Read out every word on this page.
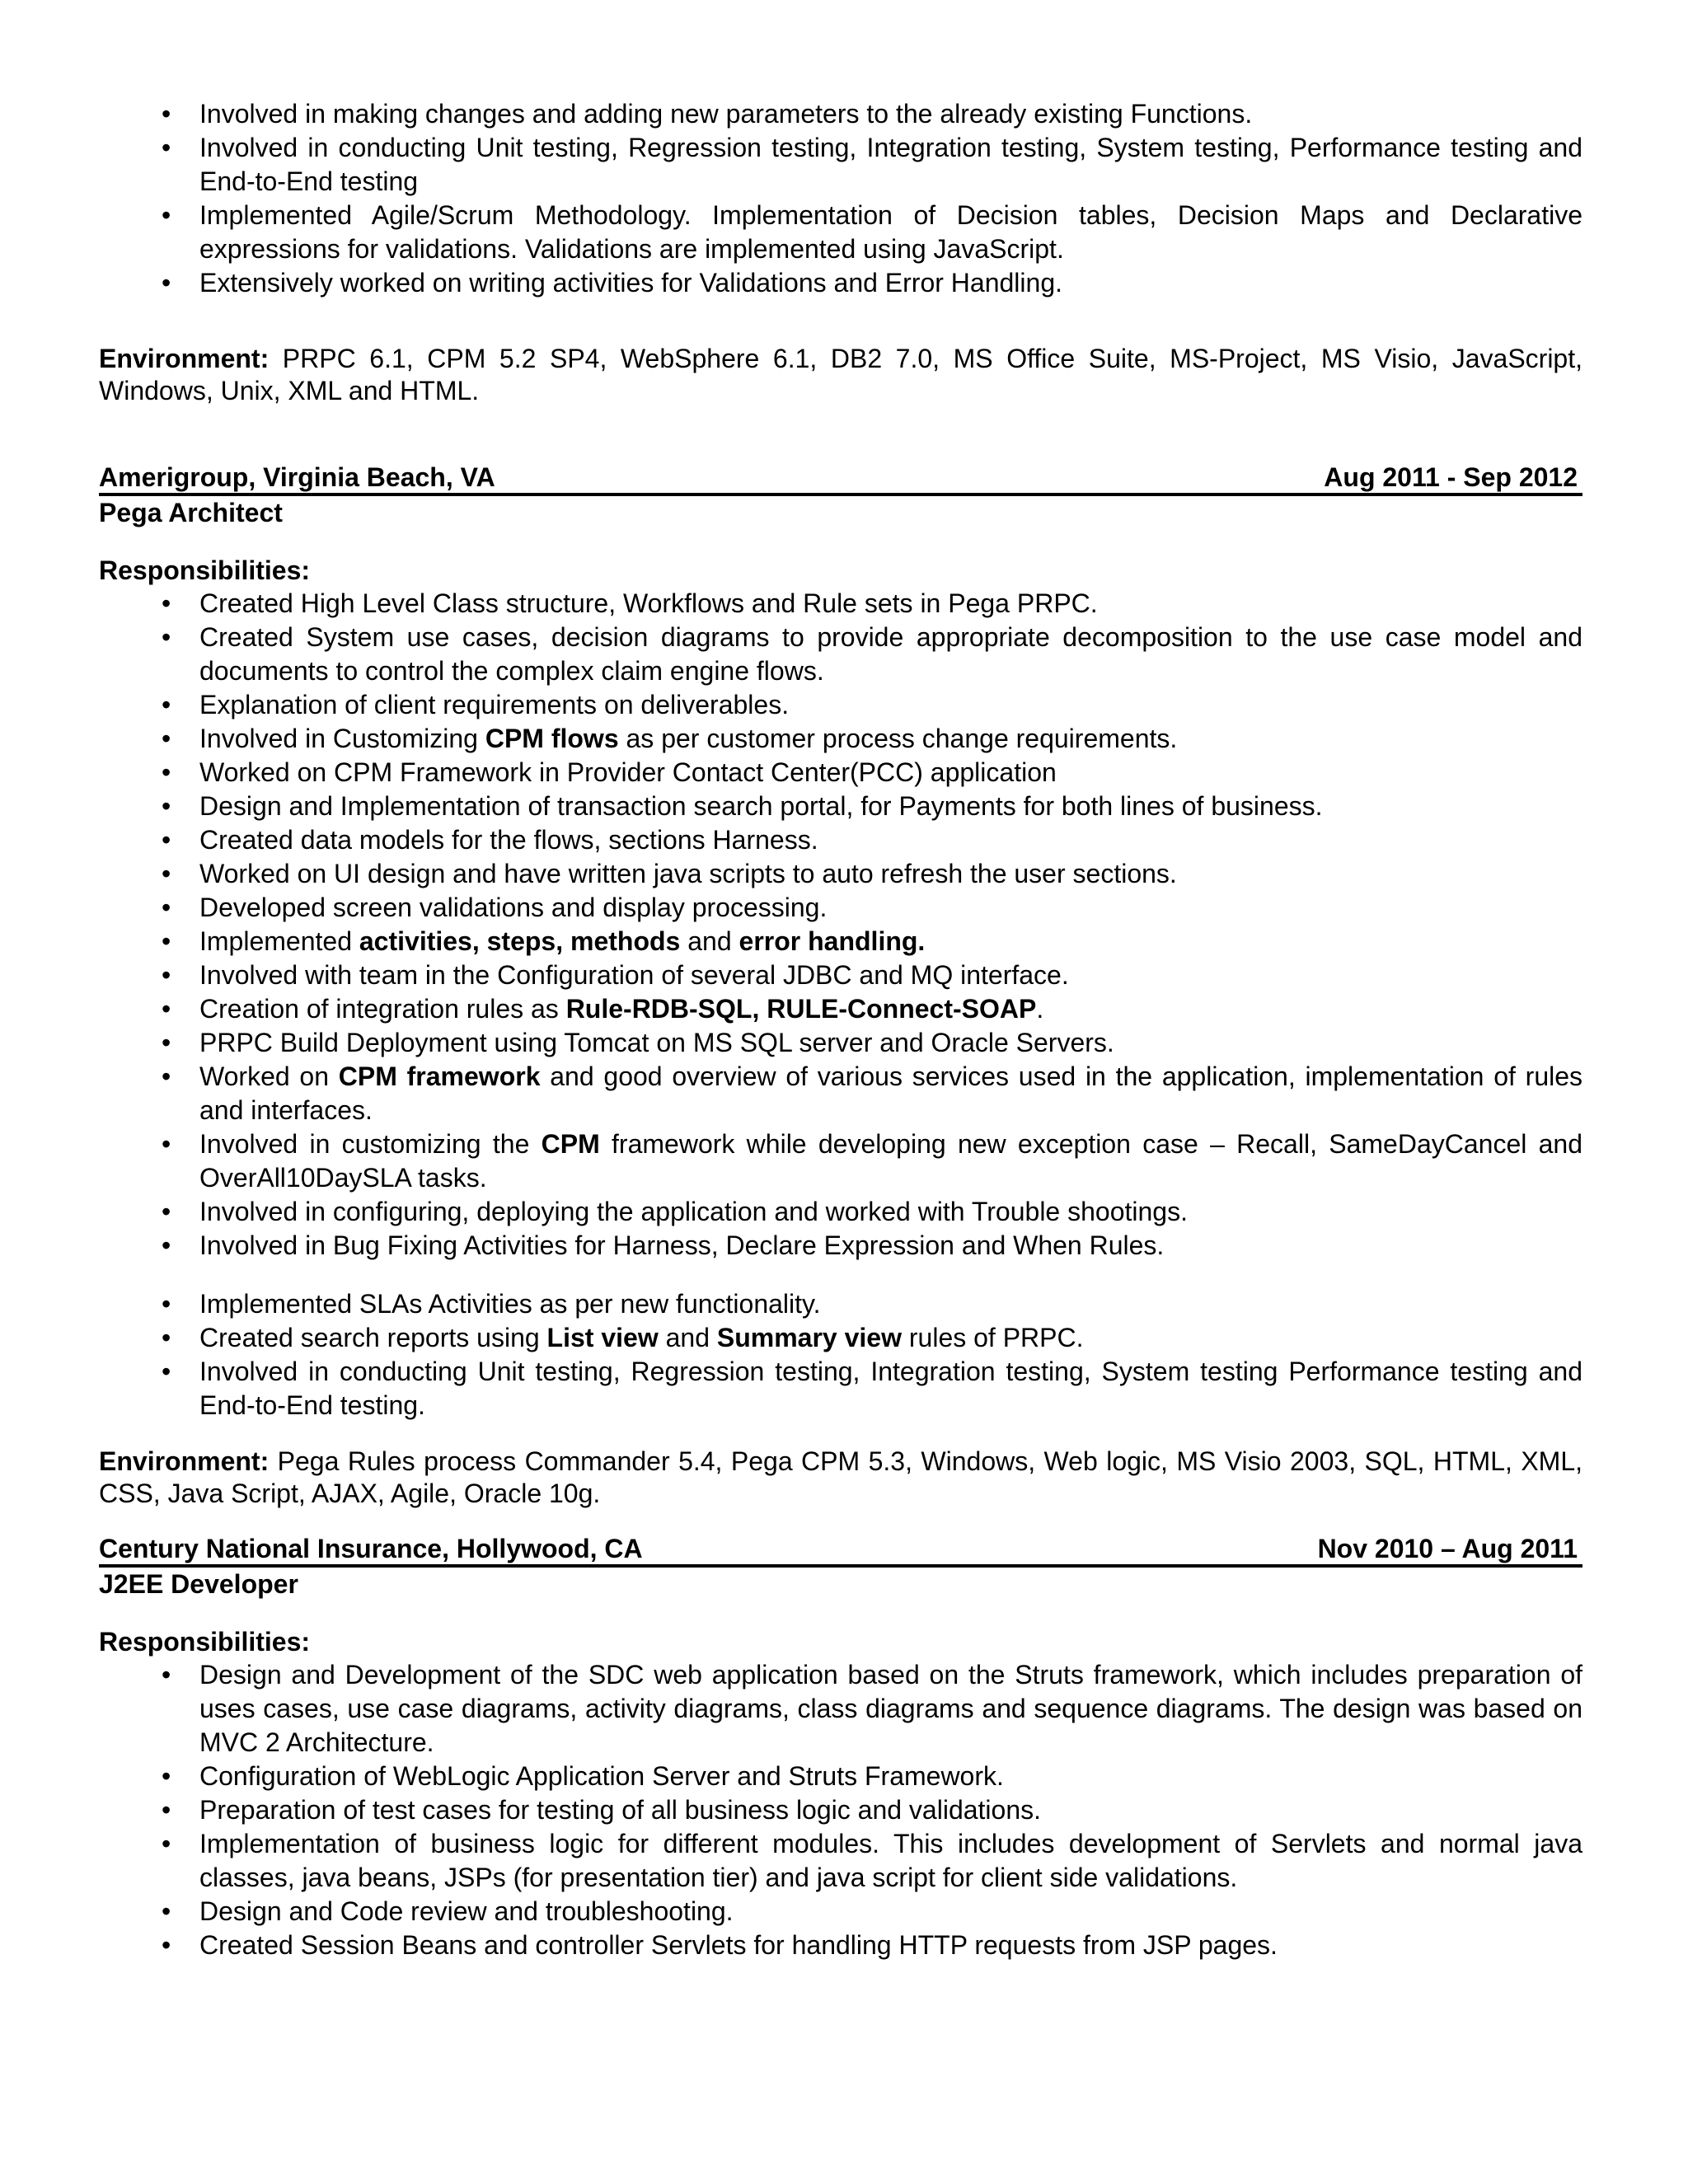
• Involved in making changes and adding new parameters to the already existing Functions.
• Involved in conducting Unit testing, Regression testing, Integration testing, System testing, Performance testing and End-to-End testing
• Implemented Agile/Scrum Methodology. Implementation of Decision tables, Decision Maps and Declarative expressions for validations. Validations are implemented using JavaScript.
• Extensively worked on writing activities for Validations and Error Handling.

Environment: PRPC 6.1, CPM 5.2 SP4, WebSphere 6.1, DB2 7.0, MS Office Suite, MS-Project, MS Visio, JavaScript, Windows, Unix, XML and HTML.

Amerigroup, Virginia Beach, VA	Aug 2011 - Sep 2012

Pega Architect

Responsibilities:

• Created High Level Class structure, Workflows and Rule sets in Pega PRPC.
• Created System use cases, decision diagrams to provide appropriate decomposition to the use case model and documents to control the complex claim engine flows.
• Explanation of client requirements on deliverables.
• Involved in Customizing CPM flows as per customer process change requirements.
• Worked on CPM Framework in Provider Contact Center(PCC) application
• Design and Implementation of transaction search portal, for Payments for both lines of business.
• Created data models for the flows, sections Harness.
• Worked on UI design and have written java scripts to auto refresh the user sections.
• Developed screen validations and display processing.
• Implemented activities, steps, methods and error handling.
• Involved with team in the Configuration of several JDBC and MQ interface.
• Creation of integration rules as Rule-RDB-SQL, RULE-Connect-SOAP.
• PRPC Build Deployment using Tomcat on MS SQL server and Oracle Servers.
• Worked on CPM framework and good overview of various services used in the application, implementation of rules and interfaces.
• Involved in customizing the CPM framework while developing new exception case – Recall, SameDayCancel and OverAll10DaySLA tasks.
• Involved in configuring, deploying the application and worked with Trouble shootings.
• Involved in Bug Fixing Activities for Harness, Declare Expression and When Rules.
• Implemented SLAs Activities as per new functionality.
• Created search reports using List view and Summary view rules of PRPC.
• Involved in conducting Unit testing, Regression testing, Integration testing, System testing Performance testing and End-to-End testing.

Environment: Pega Rules process Commander 5.4, Pega CPM 5.3, Windows, Web logic, MS Visio 2003, SQL, HTML, XML, CSS, Java Script, AJAX, Agile, Oracle 10g.

Century National Insurance, Hollywood, CA	Nov 2010 – Aug 2011

J2EE Developer

Responsibilities:

• Design and Development of the SDC web application based on the Struts framework, which includes preparation of uses cases, use case diagrams, activity diagrams, class diagrams and sequence diagrams. The design was based on MVC 2 Architecture.
• Configuration of WebLogic Application Server and Struts Framework.
• Preparation of test cases for testing of all business logic and validations.
• Implementation of business logic for different modules. This includes development of Servlets and normal java classes, java beans, JSPs (for presentation tier) and java script for client side validations.
• Design and Code review and troubleshooting.
• Created Session Beans and controller Servlets for handling HTTP requests from JSP pages.
